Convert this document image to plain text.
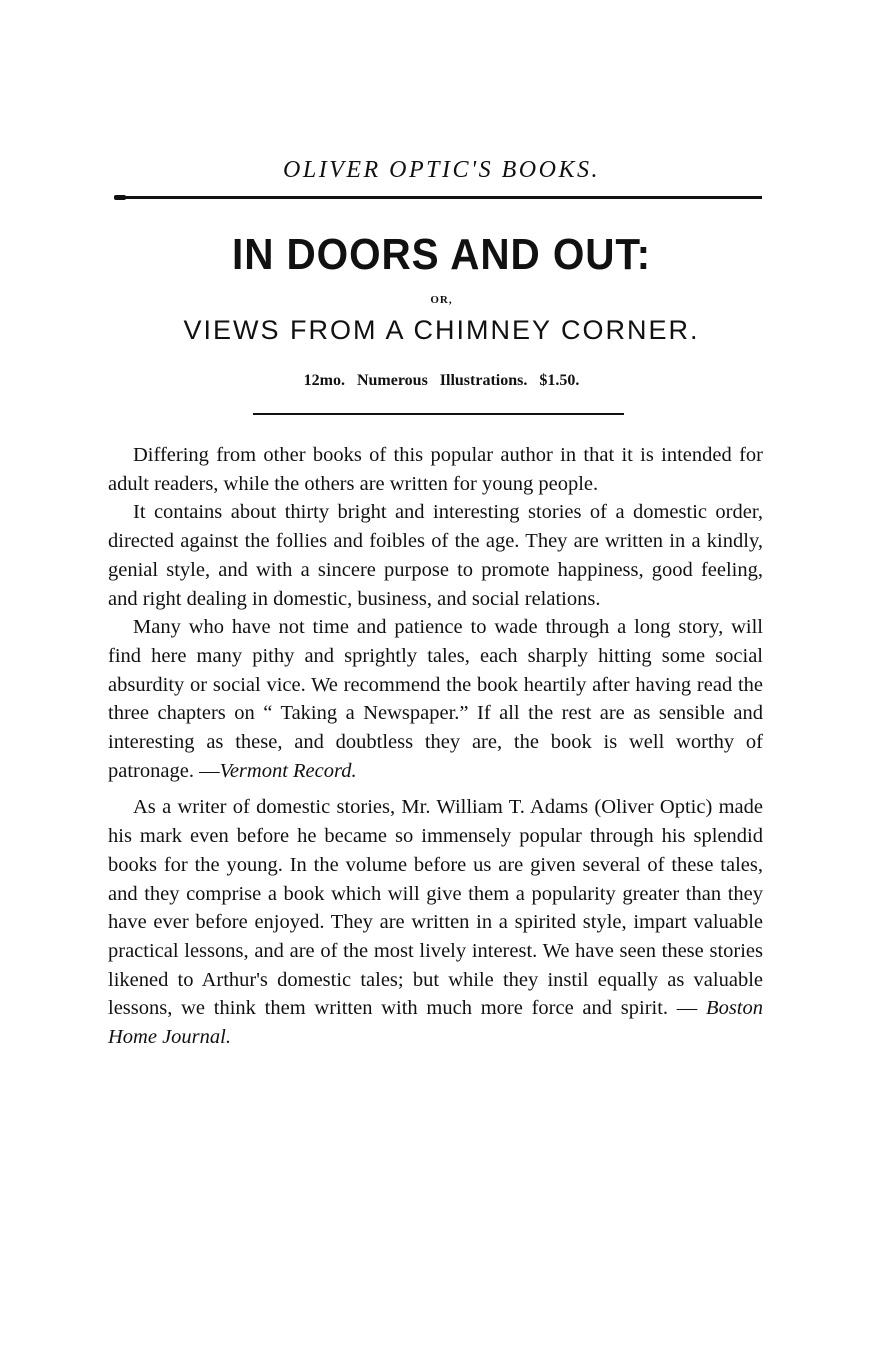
OLIVER OPTIC'S BOOKS.
IN DOORS AND OUT:
OR,
VIEWS FROM A CHIMNEY CORNER.
12mo. Numerous Illustrations. $1.50.

Differing from other books of this popular author in that it is intended for adult readers, while the others are written for young people.

It contains about thirty bright and interesting stories of a domestic order, directed against the follies and foibles of the age. They are written in a kindly, genial style, and with a sincere purpose to promote happiness, good feeling, and right dealing in domestic, business, and social relations.

Many who have not time and patience to wade through a long story, will find here many pithy and sprightly tales, each sharply hitting some social absurdity or social vice. We recommend the book heartily after having read the three chapters on “ Taking a Newspaper.” If all the rest are as sensible and interesting as these, and doubtless they are, the book is well worthy of patronage. —Vermont Record.

As a writer of domestic stories, Mr. William T. Adams (Oliver Optic) made his mark even before he became so immensely popular through his splendid books for the young. In the volume before us are given several of these tales, and they comprise a book which will give them a popularity greater than they have ever before enjoyed. They are written in a spirited style, impart valuable practical lessons, and are of the most lively interest. We have seen these stories likened to Arthur's domestic tales; but while they instil equally as valuable lessons, we think them written with much more force and spirit. — Boston Home Journal.
